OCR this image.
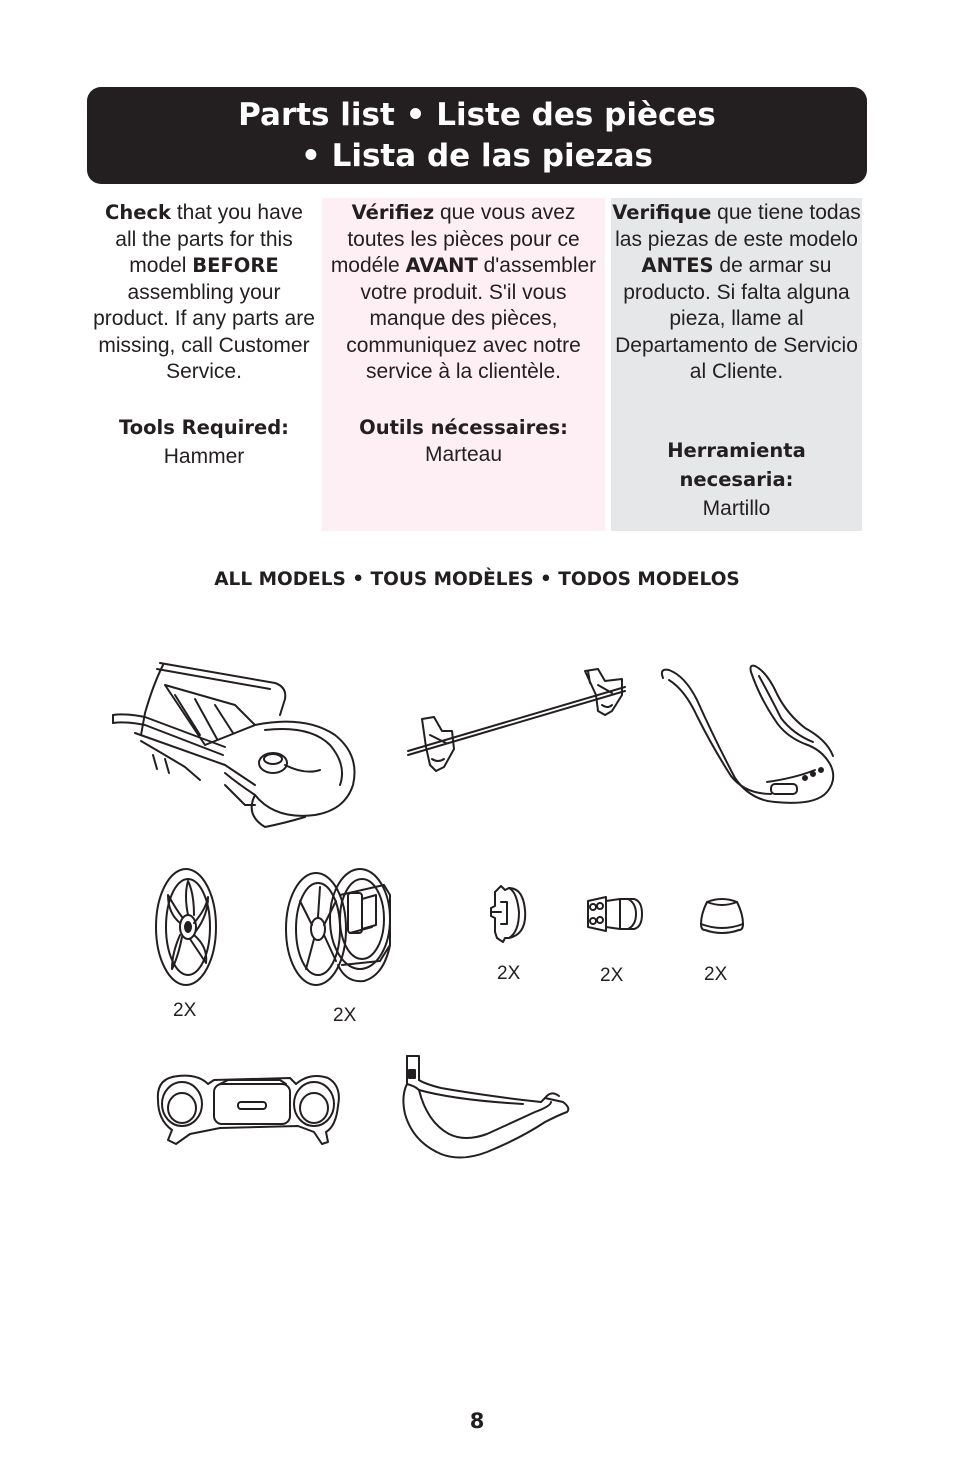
Parts list • Liste des pièces
• Lista de las piezas
Check that you have all the parts for this model BEFORE assembling your product. If any parts are missing, call Customer Service.
Tools Required:
Hammer
Vérifiez que vous avez toutes les pièces pour ce modéle AVANT d'assembler votre produit. S'il vous manque des pièces, communiquez avec notre service à la clientèle.
Outils nécessaires:
Marteau
Verifique que tiene todas las piezas de este modelo ANTES de armar su producto. Si falta alguna pieza, llame al Departamento de Servicio al Cliente.
Herramienta
necesaria:
Martillo
ALL MODELS • TOUS MODÈLES • TODOS MODELOS
2X	2X
2X	2X	2X
8
